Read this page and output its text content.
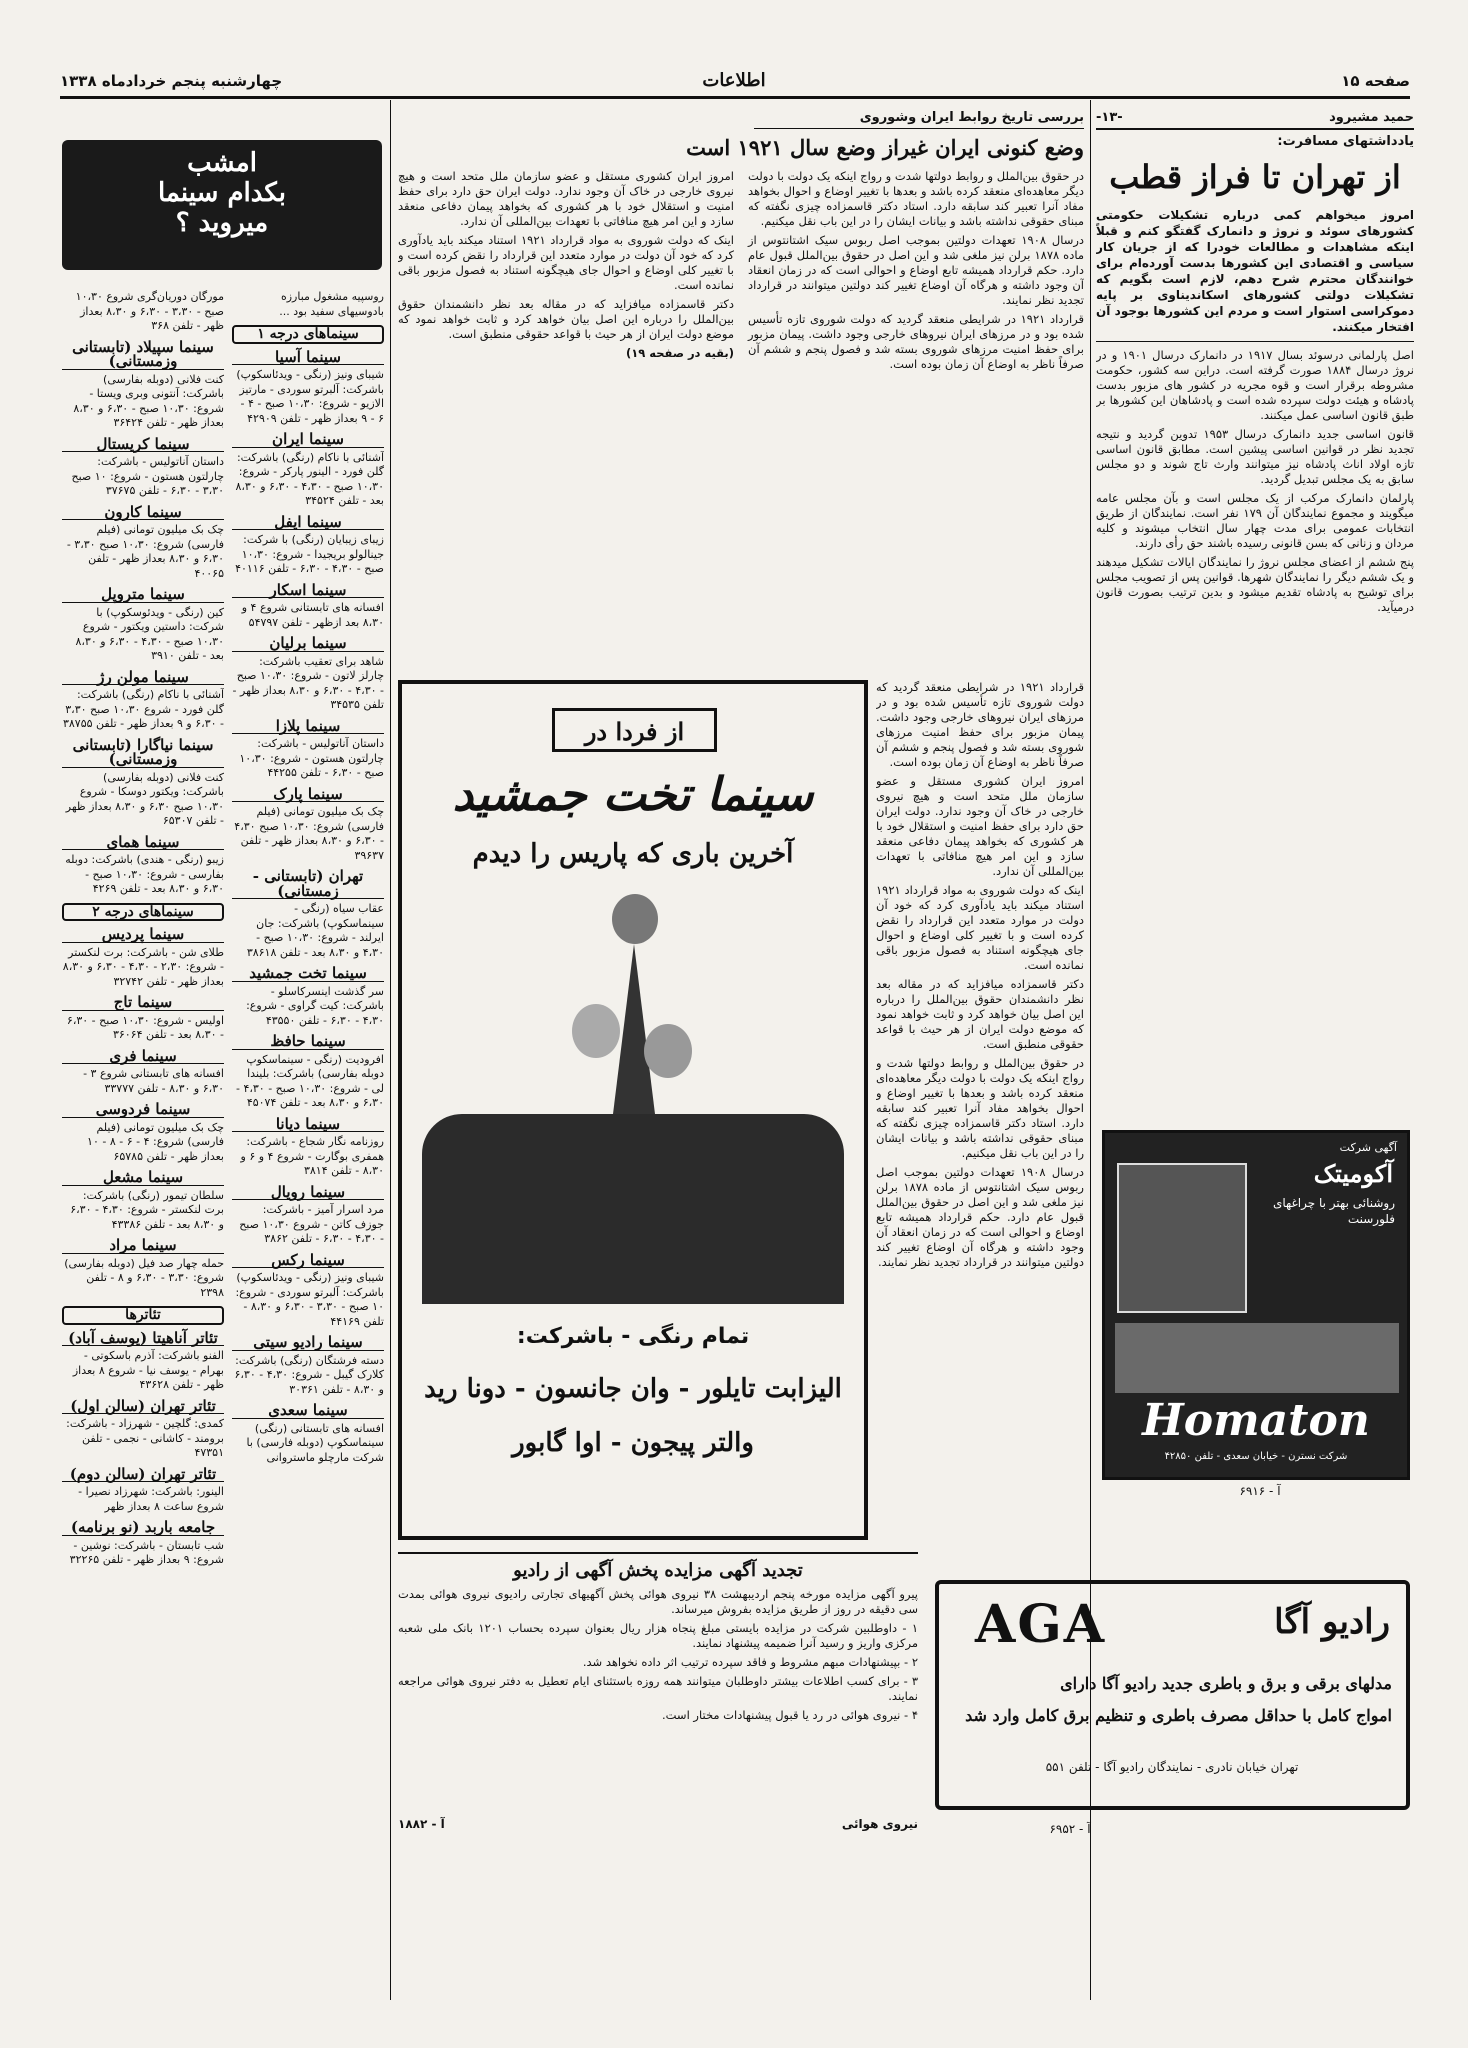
صفحه ۱۵
اطلاعات
چهارشنبه پنجم خردادماه ۱۳۳۸
حمید مشیرود
-۱۳-
یادداشتهای مسافرت:
از تهران تا فراز قطب
امروز میخواهم کمی درباره تشکیلات حکومتی کشورهای سوئد و نروژ و دانمارک گفتگو کنم و قبلاً اینکه مشاهدات و مطالعات خودرا که از جریان کار سیاسی و اقتصادی این کشورها بدست آورده‌ام برای خوانندگان محترم شرح دهم، لازم است بگویم که تشکیلات دولتی کشورهای اسکاندیناوی بر پایه دموکراسی استوار است و مردم این کشورها بوجود آن افتخار میکنند.

اصل پارلمانی درسوئد بسال ۱۹۱۷ در دانمارک درسال ۱۹۰۱ و در نروژ درسال ۱۸۸۴ صورت گرفته است. دراین سه کشور، حکومت مشروطه برقرار است و قوه مجریه در کشور های مزبور بدست پادشاه و هیئت دولت سپرده شده است و پادشاهان این کشورها بر طبق قانون اساسی عمل میکنند.

قانون اساسی جدید دانمارک درسال ۱۹۵۳ تدوین گردید و نتیجه تجدید نظر در قوانین اساسی پیشین است. مطابق قانون اساسی تازه اولاد اناث پادشاه نیز میتوانند وارث تاج شوند و دو مجلس سابق به یک مجلس تبدیل گردید.

پارلمان دانمارک مرکب از یک مجلس است و بآن مجلس عامه میگویند و مجموع نمایندگان آن ۱۷۹ نفر است. نمایندگان از طریق انتخابات عمومی برای مدت چهار سال انتخاب میشوند و کلیه مردان و زنانی که بسن قانونی رسیده باشند حق رأی دارند.

پنج ششم از اعضای مجلس نروژ را نمایندگان ایالات تشکیل میدهند و یک ششم دیگر را نمایندگان شهرها. قوانین پس از تصویب مجلس برای توشیح به پادشاه تقدیم میشود و بدین ترتیب بصورت قانون درمیآید.

آگهی شرکت
آکومیتک
روشنائی بهتر با چراغهای فلورسنت
Homaton
شرکت نسترن - خیابان سعدی - تلفن ۴۲۸۵۰
آ - ۶۹۱۶
رادیو آگا
AGA
مدلهای برقی و برق و باطری جدید رادیو آگا دارای
امواج کامل با حداقل مصرف باطری و تنظیم برق کامل وارد شد
تهران خیابان نادری - نمایندگان رادیو آگا - تلفن ۵۵۱
آ - ۶۹۵۲
بررسی تاریخ روابط ایران وشوروی
وضع کنونی ایران غیراز وضع سال ۱۹۲۱ است

در حقوق بین‌الملل و روابط دولتها شدت و رواج اینکه یک دولت با دولت دیگر معاهده‌ای منعقد کرده باشد و بعدها با تغییر اوضاع و احوال بخواهد مفاد آنرا تعبیر کند سابقه دارد. استاد دکتر قاسمزاده چیزی نگفته که مبنای حقوقی نداشته باشد و بیانات ایشان را در این باب نقل میکنیم.

درسال ۱۹۰۸ تعهدات دولتین بموجب اصل ربوس سیک اشتانتوس از ماده ۱۸۷۸ برلن نیز ملغی شد و این اصل در حقوق بین‌الملل قبول عام دارد. حکم قرارداد همیشه تابع اوضاع و احوالی است که در زمان انعقاد آن وجود داشته و هرگاه آن اوضاع تغییر کند دولتین میتوانند در قرارداد تجدید نظر نمایند.

قرارداد ۱۹۲۱ در شرایطی منعقد گردید که دولت شوروی تازه تأسیس شده بود و در مرزهای ایران نیروهای خارجی وجود داشت. پیمان مزبور برای حفظ امنیت مرزهای شوروی بسته شد و فصول پنجم و ششم آن صرفاً ناظر به اوضاع آن زمان بوده است.

امروز ایران کشوری مستقل و عضو سازمان ملل متحد است و هیچ نیروی خارجی در خاک آن وجود ندارد. دولت ایران حق دارد برای حفظ امنیت و استقلال خود با هر کشوری که بخواهد پیمان دفاعی منعقد سازد و این امر هیچ منافاتی با تعهدات بین‌المللی آن ندارد.

اینک که دولت شوروی به مواد قرارداد ۱۹۲۱ استناد میکند باید یادآوری کرد که خود آن دولت در موارد متعدد این قرارداد را نقض کرده است و با تغییر کلی اوضاع و احوال جای هیچگونه استناد به فصول مزبور باقی نمانده است.

دکتر قاسمزاده میافزاید که در مقاله بعد نظر دانشمندان حقوق بین‌الملل را درباره این اصل بیان خواهد کرد و ثابت خواهد نمود که موضع دولت ایران از هر حیث با قواعد حقوقی منطبق است.

(بقیه در صفحه ۱۹)

از فردا در
سینما تخت جمشید
آخرین باری که پاریس را دیدم
تمام رنگی - باشرکت:
الیزابت تایلور - وان جانسون - دونا رید
والتر پیجون - اوا گابور

قرارداد ۱۹۲۱ در شرایطی منعقد گردید که دولت شوروی تازه تأسیس شده بود و در مرزهای ایران نیروهای خارجی وجود داشت. پیمان مزبور برای حفظ امنیت مرزهای شوروی بسته شد و فصول پنجم و ششم آن صرفاً ناظر به اوضاع آن زمان بوده است.

امروز ایران کشوری مستقل و عضو سازمان ملل متحد است و هیچ نیروی خارجی در خاک آن وجود ندارد. دولت ایران حق دارد برای حفظ امنیت و استقلال خود با هر کشوری که بخواهد پیمان دفاعی منعقد سازد و این امر هیچ منافاتی با تعهدات بین‌المللی آن ندارد.

اینک که دولت شوروی به مواد قرارداد ۱۹۲۱ استناد میکند باید یادآوری کرد که خود آن دولت در موارد متعدد این قرارداد را نقض کرده است و با تغییر کلی اوضاع و احوال جای هیچگونه استناد به فصول مزبور باقی نمانده است.

دکتر قاسمزاده میافزاید که در مقاله بعد نظر دانشمندان حقوق بین‌الملل را درباره این اصل بیان خواهد کرد و ثابت خواهد نمود که موضع دولت ایران از هر حیث با قواعد حقوقی منطبق است.

در حقوق بین‌الملل و روابط دولتها شدت و رواج اینکه یک دولت با دولت دیگر معاهده‌ای منعقد کرده باشد و بعدها با تغییر اوضاع و احوال بخواهد مفاد آنرا تعبیر کند سابقه دارد. استاد دکتر قاسمزاده چیزی نگفته که مبنای حقوقی نداشته باشد و بیانات ایشان را در این باب نقل میکنیم.

درسال ۱۹۰۸ تعهدات دولتین بموجب اصل ربوس سیک اشتانتوس از ماده ۱۸۷۸ برلن نیز ملغی شد و این اصل در حقوق بین‌الملل قبول عام دارد. حکم قرارداد همیشه تابع اوضاع و احوالی است که در زمان انعقاد آن وجود داشته و هرگاه آن اوضاع تغییر کند دولتین میتوانند در قرارداد تجدید نظر نمایند.

تجدید آگهی مزایده پخش آگهی از رادیو

پیرو آگهی مزایده مورخه پنجم اردیبهشت ۳۸ نیروی هوائی پخش آگهیهای تجارتی رادیوی نیروی هوائی بمدت سی دقیقه در روز از طریق مزایده بفروش میرساند.

۱ - داوطلبین شرکت در مزایده بایستی مبلغ پنجاه هزار ریال بعنوان سپرده بحساب ۱۲۰۱ بانک ملی شعبه مرکزی واریز و رسید آنرا ضمیمه پیشنهاد نمایند.

۲ - بپیشنهادات مبهم مشروط و فاقد سپرده ترتیب اثر داده نخواهد شد.

۳ - برای کسب اطلاعات بیشتر داوطلبان میتوانند همه روزه باستثنای ایام تعطیل به دفتر نیروی هوائی مراجعه نمایند.

۴ - نیروی هوائی در رد یا قبول پیشنهادات مختار است.

نیروی هوائی
آ - ۱۸۸۲
امشب
بکدام سینما
میروید ؟

روسپیه مشغول مبارزه بادوسیهای سفید بود ...

سینماهای درجه ۱
سینما آسیا

شیبای ونیز (رنگی - ویدئاسکوپ) باشرکت: آلبرتو سوردی - مارتیز الازیو - شروع: ۱۰،۳۰ صبح - ۴ - ۶ - ۹ بعداز ظهر - تلفن ۴۲۹۰۹

سینما ایران

آشنائی با ناکام (رنگی) باشرکت: گلن فورد - الینور پارکر - شروع: ۱۰،۳۰ صبح - ۴،۳۰ - ۶،۳۰ و ۸،۳۰ بعد - تلفن ۳۴۵۲۴

سینما ایفل

زیبای زیبایان (رنگی) با شرکت: جینالولو بریجیدا - شروع: ۱۰،۳۰ صبح - ۴،۳۰ - ۶،۳۰ - تلفن ۴۰۱۱۶

سینما اسکار

افسانه های تابستانی شروع ۴ و ۸،۳۰ بعد ازظهر - تلفن ۵۴۷۹۷

سینما برلیان

شاهد برای تعقیب باشرکت: چارلز لاتون - شروع: ۱۰،۳۰ صبح - ۴،۳۰ - ۶،۳۰ و ۸،۳۰ بعداز ظهر - تلفن ۳۴۵۳۵

سینما پلازا

داستان آناتولیس - باشرکت: چارلتون هستون - شروع: ۱۰،۳۰ صبح - ۶،۳۰ - تلفن ۴۴۲۵۵

سینما پارک

چک بک میلیون تومانی (فیلم فارسی) شروع: ۱۰،۳۰ صبح ۴،۳۰ - ۶،۳۰ و ۸،۳۰ بعداز ظهر - تلفن ۳۹۶۳۷

تهران (تابستانی - زمستانی)

عقاب سیاه (رنگی - سینماسکوپ) باشرکت: جان ایرلند - شروع: ۱۰،۳۰ صبح - ۴،۳۰ و ۸،۳۰ بعد - تلفن ۳۸۶۱۸

سینما تخت جمشید

سر گذشت اینسرکاسلو - باشرکت: کیت گراوی - شروع: ۴،۳۰ - ۶،۳۰ - تلفن ۴۳۵۵۰

سینما حافظ

افرودیت (رنگی - سینماسکوپ دوبله بفارسی) باشرکت: بلیندا لی - شروع: ۱۰،۳۰ صبح - ۴،۳۰ - ۶،۳۰ و ۸،۳۰ بعد - تلفن ۴۵۰۷۴

سینما دیانا

روزنامه نگار شجاع - باشرکت: همفری بوگارت - شروع ۴ و ۶ و ۸،۳۰ - تلفن ۳۸۱۴

سینما رویال

مرد اسرار آمیز - باشرکت: جوزف کاتن - شروع ۱۰،۳۰ صبح - ۴،۳۰ - ۶،۳۰ - تلفن ۳۸۶۲

سینما رکس

شیبای ونیز (رنگی - ویدئاسکوپ) باشرکت: آلبرتو سوردی - شروع: ۱۰ صبح - ۳،۳۰ - ۶،۳۰ و ۸،۳۰ - تلفن ۴۴۱۶۹

سینما رادیو سیتی

دسته فرشتگان (رنگی) باشرکت: کلارک گیبل - شروع: ۴،۳۰ - ۶،۳۰ و ۸،۳۰ - تلفن ۳۰۳۶۱

سینما سعدی

افسانه های تابستانی (رنگی) سینماسکوپ (دوبله فارسی) با شرکت مارچلو ماستروانی

مورگان دوریان‌گری شروع ۱۰،۳۰ صبح - ۳،۳۰ - ۶،۳۰ و ۸،۳۰ بعداز ظهر - تلفن ۳۶۸

سینما سپیلاد (تابستانی وزمستانی)

کنت فلانی (دوبله بفارسی) باشرکت: آنتونی وبری ویستا - شروع: ۱۰،۳۰ صبح - ۶،۳۰ و ۸،۳۰ بعداز ظهر - تلفن ۳۶۴۲۴

سینما کریستال

داستان آناتولیس - باشرکت: چارلتون هستون - شروع: ۱۰ صبح ۳،۳۰ - ۶،۳۰ - تلفن ۳۷۶۷۵

سینما کارون

چک بک میلیون تومانی (فیلم فارسی) شروع: ۱۰،۳۰ صبح ۳،۳۰ - ۶،۳۰ و ۸،۳۰ بعداز ظهر - تلفن ۴۰۰۶۵

سینما متروپل

کین (رنگی - ویدئوسکوپ) با شرکت: داستین ویکتور - شروع ۱۰،۳۰ صبح - ۴،۳۰ - ۶،۳۰ و ۸،۳۰ بعد - تلفن ۳۹۱۰

سینما مولن رژ

آشنائی با ناکام (رنگی) باشرکت: گلن فورد - شروع ۱۰،۳۰ صبح ۳،۳۰ - ۶،۳۰ و ۹ بعداز ظهر - تلفن ۳۸۷۵۵

سینما نیاگارا (تابستانی وزمستانی)

کنت فلانی (دوبله بفارسی) باشرکت: ویکتور دوسکا - شروع ۱۰،۳۰ صبح ۶،۳۰ و ۸،۳۰ بعداز ظهر - تلفن ۶۵۳۰۷

سینما همای

زیبو (رنگی - هندی) باشرکت: دوبله بفارسی - شروع: ۱۰،۳۰ صبح - ۶،۳۰ و ۸،۳۰ بعد - تلفن ۴۲۶۹

سینماهای درجه ۲
سینما پردیس

طلای شن - باشرکت: برت لنکستر - شروع: ۲،۳۰ - ۴،۳۰ - ۶،۳۰ و ۸،۳۰ بعداز ظهر - تلفن ۳۲۷۴۲

سینما تاج

اولیس - شروع: ۱۰،۳۰ صبح - ۶،۳۰ - ۸،۳۰ بعد - تلفن ۳۶۰۶۴

سینما فری

افسانه های تابستانی شروع ۳ - ۶،۳۰ و ۸،۳۰ - تلفن ۳۳۷۷۷

سینما فردوسی

چک بک میلیون تومانی (فیلم فارسی) شروع: ۴ - ۶ - ۸ - ۱۰ بعداز ظهر - تلفن ۶۵۷۸۵

سینما مشعل

سلطان تیمور (رنگی) باشرکت: برت لنکستر - شروع: ۴،۳۰ - ۶،۳۰ و ۸،۳۰ بعد - تلفن ۴۳۳۸۶

سینما مراد

حمله چهار صد فیل (دوبله بفارسی) شروع: ۳،۳۰ - ۶،۳۰ و ۸ - تلفن ۲۳۹۸

تئاترها
تئاتر آناهیتا (یوسف آباد)

الفنو باشرکت: آذرم باسکوتی - بهرام - یوسف نیا - شروع ۸ بعداز ظهر - تلفن ۴۳۶۲۸

تئاتر تهران (سالن اول)

کمدی: گلچین - شهرزاد - باشرکت: برومند - کاشانی - نجمی - تلفن ۴۷۳۵۱

تئاتر تهران (سالن دوم)

الینور: باشرکت: شهرزاد نصیرا - شروع ساعت ۸ بعداز ظهر

جامعه باربد (نو برنامه)

شب تابستان - باشرکت: نوشین - شروع: ۹ بعداز ظهر - تلفن ۳۲۲۶۵
